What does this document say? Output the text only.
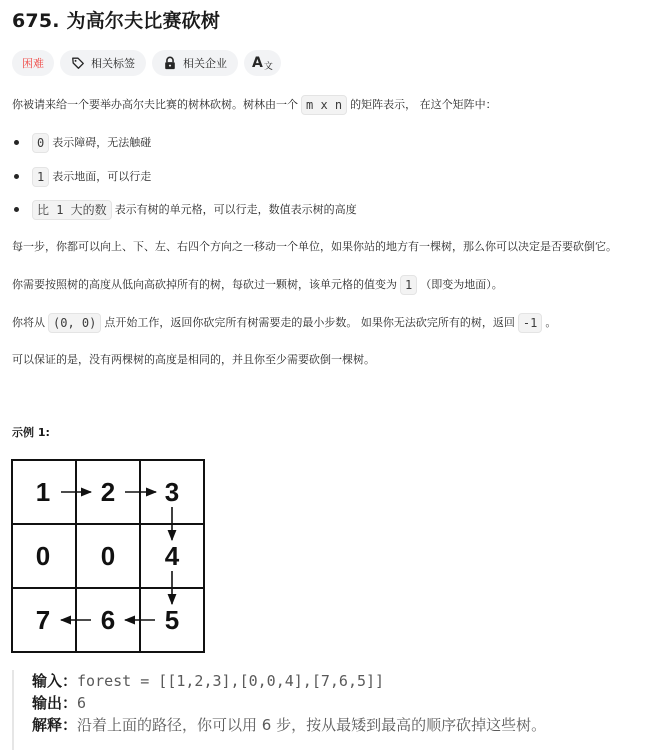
675. 为高尔夫比赛砍树
困难	相关标签	相关企业 A 文
你被请来给一个要举办高尔夫比赛的树林砍树。树林由一个 m x n 的矩阵表示， 在这个矩阵中：
0 表示障碍，无法触碰
1 表示地面，可以行走
比 1 大的数 表示有树的单元格，可以行走，数值表示树的高度
每一步，你都可以向上、下、左、右四个方向之一移动一个单位，如果你站的地方有一棵树，那么你可以决定是否要砍倒它。
你需要按照树的高度从低向高砍掉所有的树，每砍过一颗树，该单元格的值变为 1 （即变为地面）。
你将从 (0, 0) 点开始工作，返回你砍完所有树需要走的最小步数。 如果你无法砍完所有的树，返回 -1 。
可以保证的是，没有两棵树的高度是相同的，并且你至少需要砍倒一棵树。
示例 1:
1 2 3
0 0 4
7 6 5
输入：forest = [[1,2,3],[0,0,4],[7,6,5]]
输出：6
解释：沿着上面的路径，你可以用 6 步，按从最矮到最高的顺序砍掉这些树。
